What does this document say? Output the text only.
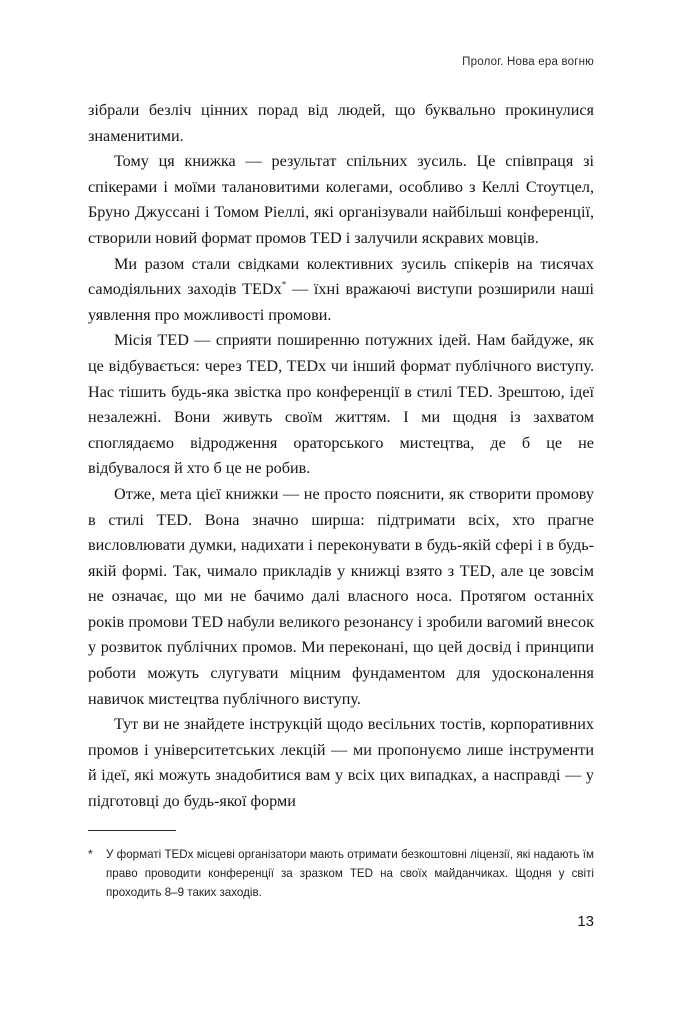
Пролог. Нова ера вогню

зібрали безліч цінних порад від людей, що буквально прокинулися знаменитими.

Тому ця книжка — результат спільних зусиль. Це співпраця зі спікерами і моїми талановитими колегами, особливо з Келлі Стоутцел, Бруно Джуссані і Томом Ріеллі, які організували найбільші конференції, створили новий формат промов TED і залучили яскравих мовців.

Ми разом стали свідками колективних зусиль спікерів на тисячах самодіяльних заходів TEDx* — їхні вражаючі виступи розширили наші уявлення про можливості промови.

Місія TED — сприяти поширенню потужних ідей. Нам байдуже, як це відбувається: через TED, TEDx чи інший формат публічного виступу. Нас тішить будь-яка звістка про конференції в стилі TED. Зрештою, ідеї незалежні. Вони живуть своїм життям. І ми щодня із захватом споглядаємо відродження ораторського мистецтва, де б це не відбувалося й хто б це не робив.

Отже, мета цієї книжки — не просто пояснити, як створити промову в стилі TED. Вона значно ширша: підтримати всіх, хто прагне висловлювати думки, надихати і переконувати в будь-якій сфері і в будь-якій формі. Так, чимало прикладів у книжці взято з TED, але це зовсім не означає, що ми не бачимо далі власного носа. Протягом останніх років промови TED набули великого резонансу і зробили вагомий внесок у розвиток публічних промов. Ми переконані, що цей досвід і принципи роботи можуть слугувати міцним фундаментом для удосконалення навичок мистецтва публічного виступу.

Тут ви не знайдете інструкцій щодо весільних тостів, корпоративних промов і університетських лекцій — ми пропонуємо лише інструменти й ідеї, які можуть знадобитися вам у всіх цих випадках, а насправді — у підготовці до будь-якої форми

*	У форматі TEDx місцеві організатори мають отримати безкоштовні ліцензії, які надають їм право проводити конференції за зразком TED на своїх майданчиках. Щодня у світі проходить 8–9 таких заходів.
13
